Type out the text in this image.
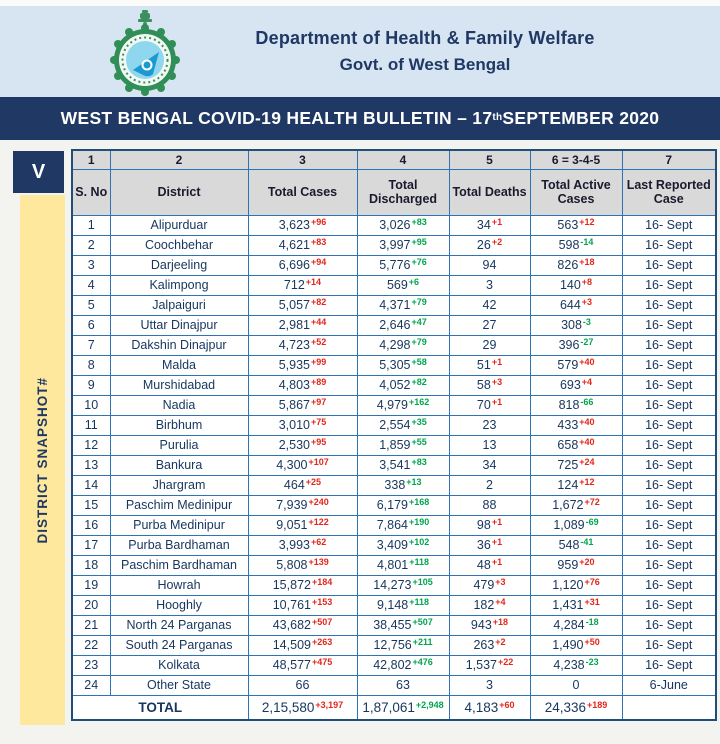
Department of Health & Family Welfare
Govt. of West Bengal
WEST BENGAL COVID-19 HEALTH BULLETIN – 17th SEPTEMBER 2020
V
DISTRICT SNAPSHOT#
1	2	3	4	5	6 = 3-4-5	7
S. No	District	Total Cases	Total Discharged	Total Deaths	Total Active Cases	Last Reported Case
1	Alipurduar	$3,623^{+96}$	$3,026^{+83}$	$34^{+1}$	$563^{+12}$	16- Sept
2	Coochbehar	$4,621^{+83}$	$3,997^{+95}$	$26^{+2}$	$598^{-14}$	16- Sept
3	Darjeeling	$6,696^{+94}$	$5,776^{+76}$	94	$826^{+18}$	16- Sept
4	Kalimpong	$712^{+14}$	$569^{+6}$	3	$140^{+8}$	16- Sept
5	Jalpaiguri	$5,057^{+82}$	$4,371^{+79}$	42	$644^{+3}$	16- Sept
6	Uttar Dinajpur	$2,981^{+44}$	$2,646^{+47}$	27	$308^{-3}$	16- Sept
7	Dakshin Dinajpur	$4,723^{+52}$	$4,298^{+79}$	29	$396^{-27}$	16- Sept
8	Malda	$5,935^{+99}$	$5,305^{+58}$	$51^{+1}$	$579^{+40}$	16- Sept
9	Murshidabad	$4,803^{+89}$	$4,052^{+82}$	$58^{+3}$	$693^{+4}$	16- Sept
10	Nadia	$5,867^{+97}$	$4,979^{+162}$	$70^{+1}$	$818^{-66}$	16- Sept
11	Birbhum	$3,010^{+75}$	$2,554^{+35}$	23	$433^{+40}$	16- Sept
12	Purulia	$2,530^{+95}$	$1,859^{+55}$	13	$658^{+40}$	16- Sept
13	Bankura	$4,300^{+107}$	$3,541^{+83}$	34	$725^{+24}$	16- Sept
14	Jhargram	$464^{+25}$	$338^{+13}$	2	$124^{+12}$	16- Sept
15	Paschim Medinipur	$7,939^{+240}$	$6,179^{+168}$	88	$1,672^{+72}$	16- Sept
16	Purba Medinipur	$9,051^{+122}$	$7,864^{+190}$	$98^{+1}$	$1,089^{-69}$	16- Sept
17	Purba Bardhaman	$3,993^{+62}$	$3,409^{+102}$	$36^{+1}$	$548^{-41}$	16- Sept
18	Paschim Bardhaman	$5,808^{+139}$	$4,801^{+118}$	$48^{+1}$	$959^{+20}$	16- Sept
19	Howrah	$15,872^{+184}$	$14,273^{+105}$	$479^{+3}$	$1,120^{+76}$	16- Sept
20	Hooghly	$10,761^{+153}$	$9,148^{+118}$	$182^{+4}$	$1,431^{+31}$	16- Sept
21	North 24 Parganas	$43,682^{+507}$	$38,455^{+507}$	$943^{+18}$	$4,284^{-18}$	16- Sept
22	South 24 Parganas	$14,509^{+263}$	$12,756^{+211}$	$263^{+2}$	$1,490^{+50}$	16- Sept
23	Kolkata	$48,577^{+475}$	$42,802^{+476}$	$1,537^{+22}$	$4,238^{-23}$	16- Sept
24	Other State	66	63	3	0	6-June
TOTAL		$2,15,580^{+3,197}$	$1,87,061^{+2,948}$	$4,183^{+60}$	$24,336^{+189}$	
